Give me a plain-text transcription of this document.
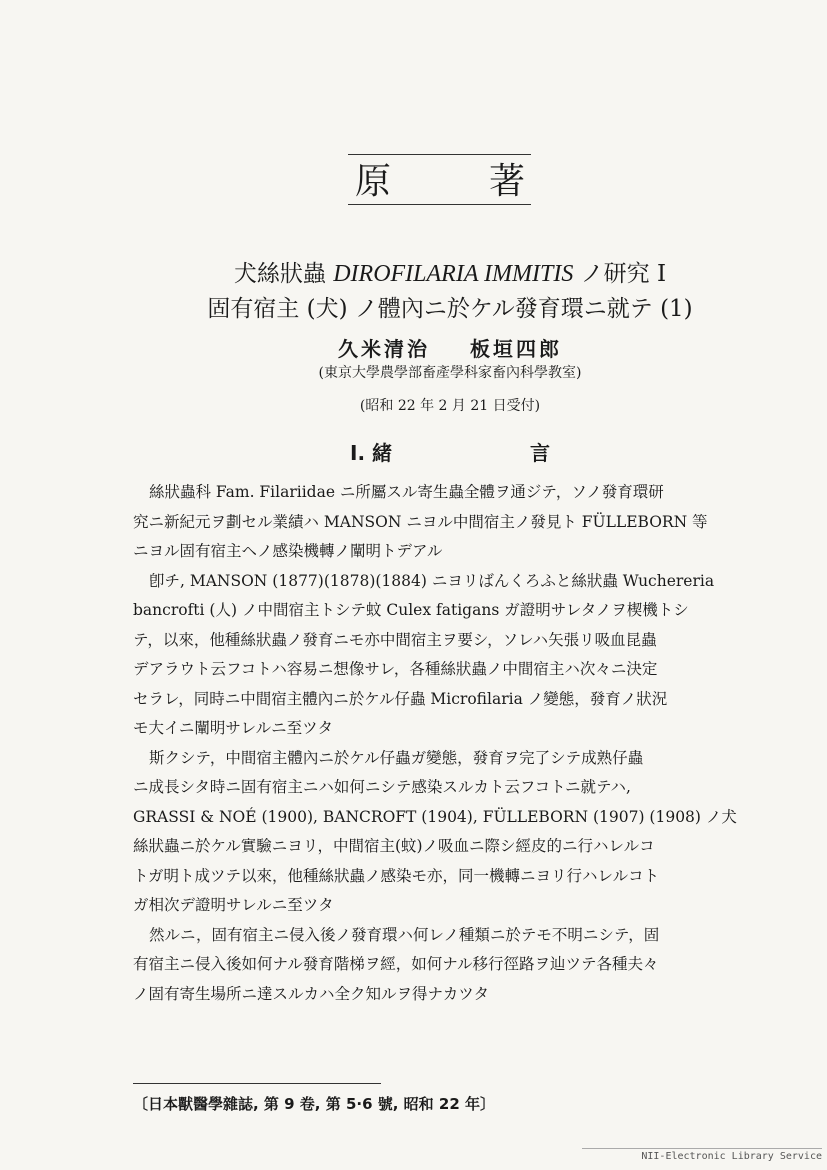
原	著
犬絲狀蟲 DIROFILARIA IMMITIS ノ研究 I
固有宿主 (犬) ノ體內ニ於ケル發育環ニ就テ (1)
久米清治 板垣四郎
(東京大學農學部畜產學科家畜內科學教室)
(昭和 22 年 2 月 21 日受付)
I. 緒	言

絲狀蟲科 Fam. Filariidae ニ所屬スル寄生蟲全體ヲ通ジテ，ソノ發育環研
究ニ新紀元ヲ劃セル業績ハ MANSON ニヨル中間宿主ノ發見ト FÜLLEBORN 等
ニヨル固有宿主ヘノ感染機轉ノ闡明トデアル

卽チ, MANSON (1877)(1878)(1884) ニヨリばんくろふと絲狀蟲 Wuchereria
bancrofti (人) ノ中間宿主トシテ蚊 Culex fatigans ガ證明サレタノヲ楔機トシ
テ，以來，他種絲狀蟲ノ發育ニモ亦中間宿主ヲ要シ，ソレハ矢張リ吸血昆蟲
デアラウト云フコトハ容易ニ想像サレ，各種絲狀蟲ノ中間宿主ハ次々ニ決定
セラレ，同時ニ中間宿主體內ニ於ケル仔蟲 Microfilaria ノ變態，發育ノ狀況
モ大イニ闡明サレルニ至ツタ

斯クシテ，中間宿主體內ニ於ケル仔蟲ガ變態，發育ヲ完了シテ成熟仔蟲
ニ成長シタ時ニ固有宿主ニハ如何ニシテ感染スルカト云フコトニ就テハ,
GRASSI & NOÉ (1900), BANCROFT (1904), FÜLLEBORN (1907) (1908) ノ犬
絲狀蟲ニ於ケル實驗ニヨリ，中間宿主(蚊)ノ吸血ニ際シ經皮的ニ行ハレルコ
トガ明ト成ツテ以來，他種絲狀蟲ノ感染モ亦，同一機轉ニヨリ行ハレルコト
ガ相次デ證明サレルニ至ツタ

然ルニ，固有宿主ニ侵入後ノ發育環ハ何レノ種類ニ於テモ不明ニシテ，固
有宿主ニ侵入後如何ナル發育階梯ヲ經，如何ナル移行徑路ヲ辿ツテ各種夫々
ノ固有寄生場所ニ達スルカハ全ク知ルヲ得ナカツタ

〔日本獸醫學雜誌, 第 9 卷, 第 5·6 號, 昭和 22 年〕
NII-Electronic Library Service
